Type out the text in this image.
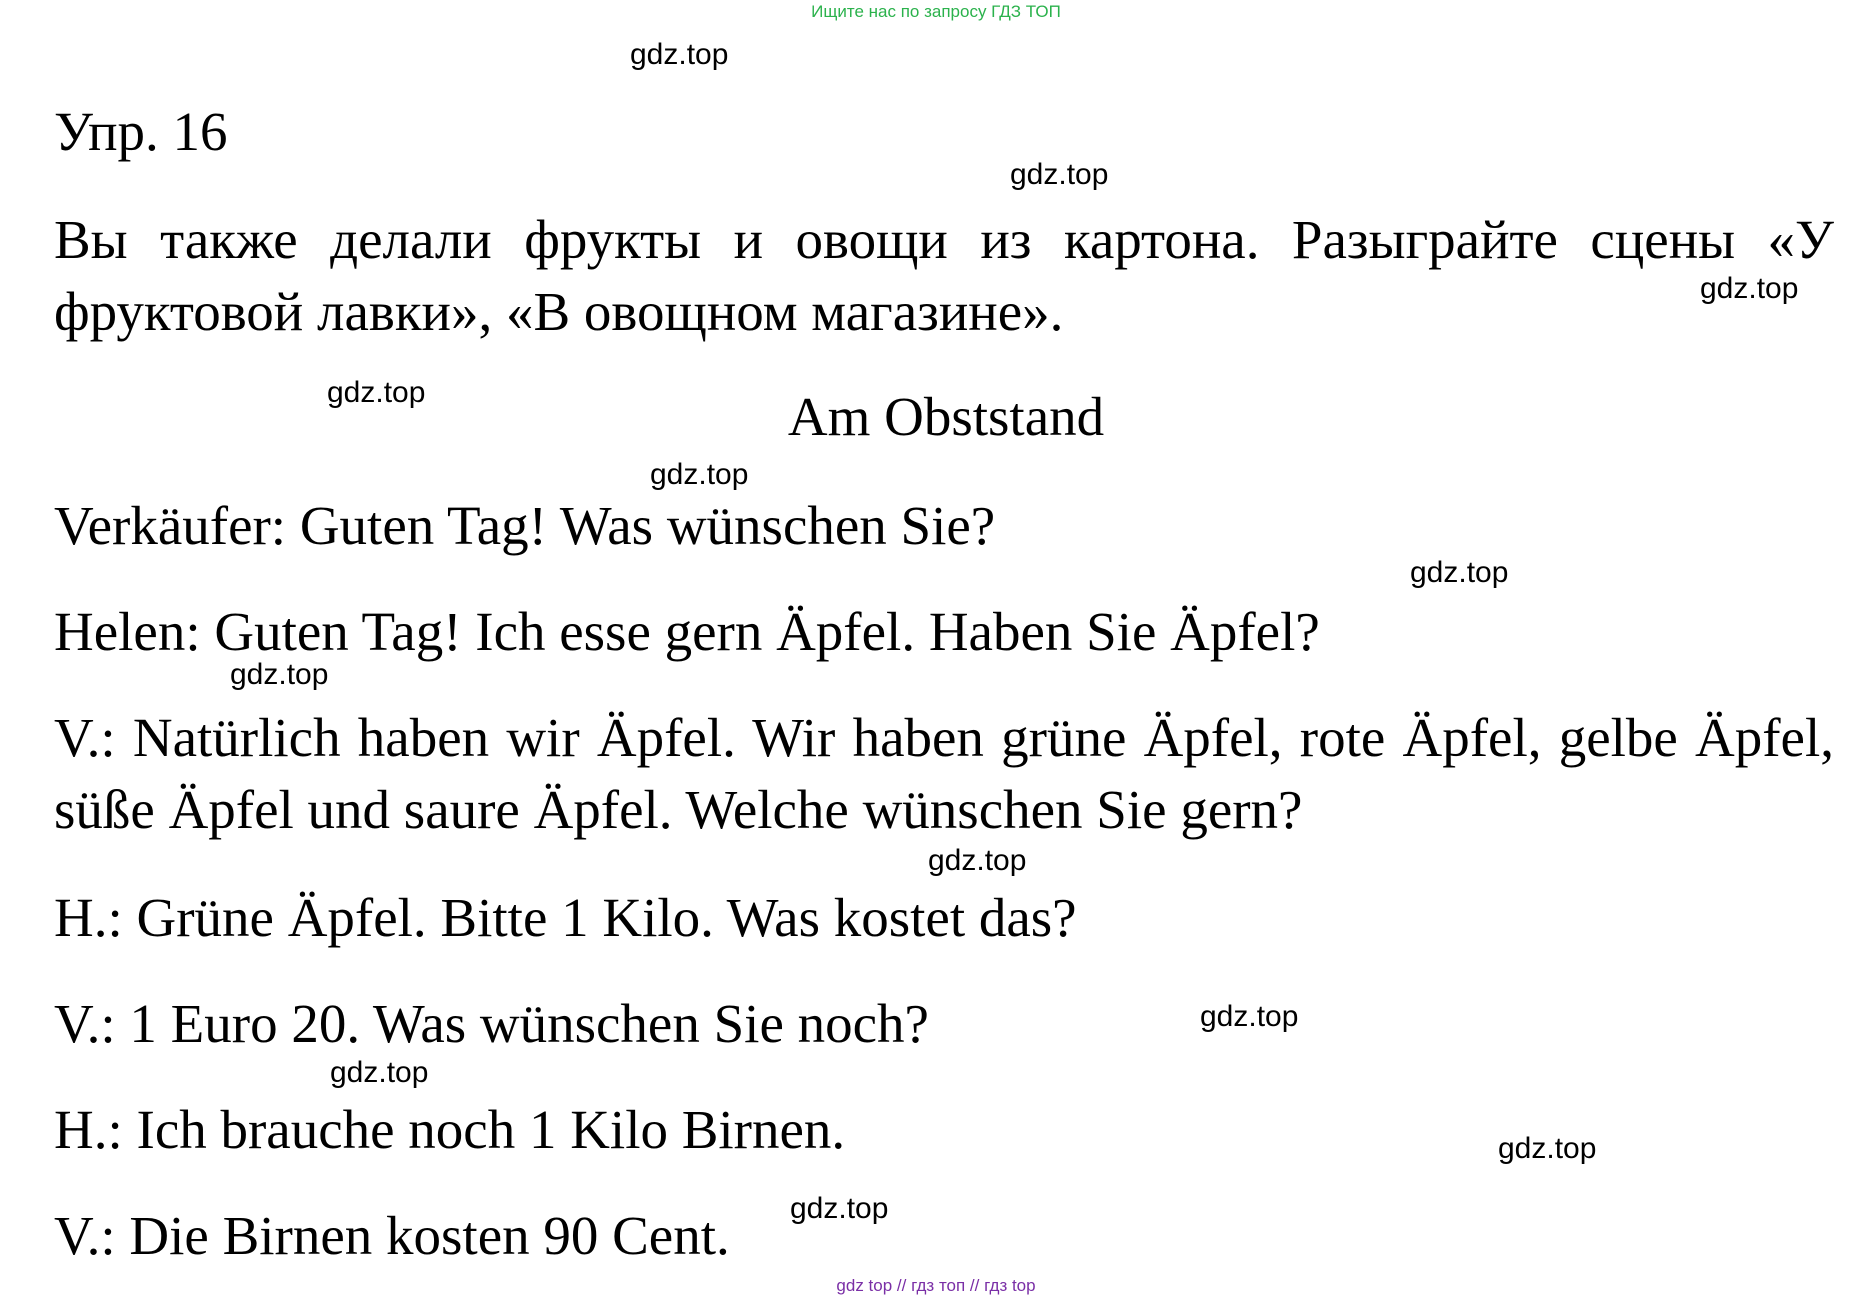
Ищите нас по запросу ГДЗ ТОП
Упр. 16
Вы также делали фрукты и овощи из картона. Разыграйте сцены «У фруктовой лавки», «В овощном магазине».
Am Obststand
Verkäufer: Guten Tag! Was wünschen Sie?
Helen: Guten Tag! Ich esse gern Äpfel. Haben Sie Äpfel?
V.: Natürlich haben wir Äpfel. Wir haben grüne Äpfel, rote Äpfel, gelbe Äpfel, süße Äpfel und saure Äpfel. Welche wünschen Sie gern?
H.: Grüne Äpfel. Bitte 1 Kilo. Was kostet das?
V.: 1 Euro 20. Was wünschen Sie noch?
H.: Ich brauche noch 1 Kilo Birnen.
V.: Die Birnen kosten 90 Cent.
gdz.top
gdz.top
gdz.top
gdz.top
gdz.top
gdz.top
gdz.top
gdz.top
gdz.top
gdz.top
gdz.top
gdz.top
gdz top // гдз топ // гдз top
